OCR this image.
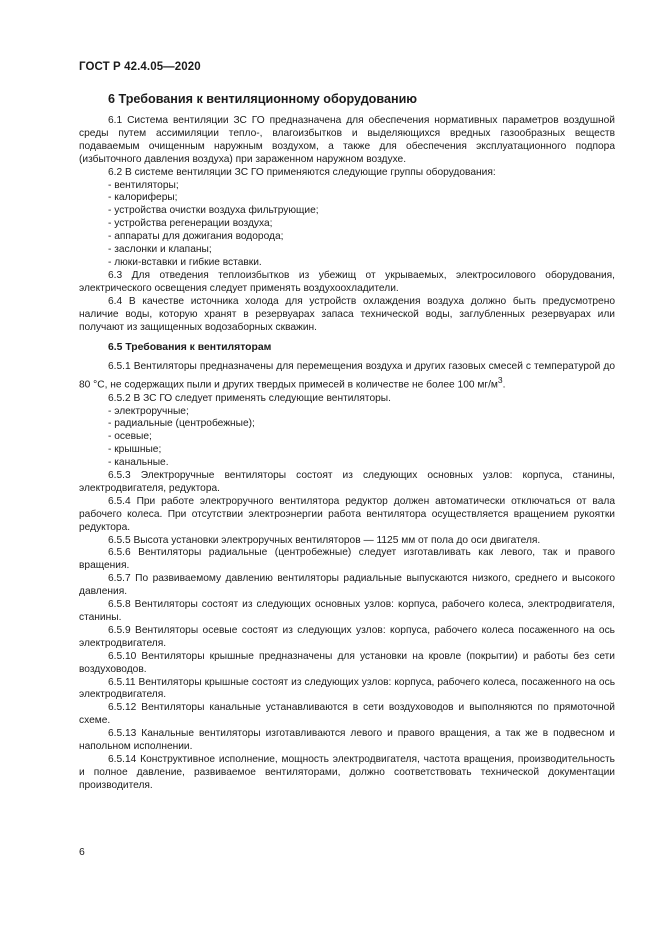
ГОСТ Р 42.4.05—2020
6 Требования к вентиляционному оборудованию

6.1 Система вентиляции ЗС ГО предназначена для обеспечения нормативных параметров воздушной среды путем ассимиляции тепло-, влагоизбытков и выделяющихся вредных газообразных веществ подаваемым очищенным наружным воздухом, а также для обеспечения эксплуатационного подпора (избыточного давления воздуха) при зараженном наружном воздухе.

6.2 В системе вентиляции ЗС ГО применяются следующие группы оборудования:

- вентиляторы;
- калориферы;
- устройства очистки воздуха фильтрующие;
- устройства регенерации воздуха;
- аппараты для дожигания водорода;
- заслонки и клапаны;
- люки-вставки и гибкие вставки.

6.3 Для отведения теплоизбытков из убежищ от укрываемых, электросилового оборудования, электрического освещения следует применять воздухоохладители.

6.4 В качестве источника холода для устройств охлаждения воздуха должно быть предусмотрено наличие воды, которую хранят в резервуарах запаса технической воды, заглубленных резервуарах или получают из защищенных водозаборных скважин.

6.5 Требования к вентиляторам

6.5.1 Вентиляторы предназначены для перемещения воздуха и других газовых смесей с температурой до 80 °С, не содержащих пыли и других твердых примесей в количестве не более 100 $мг/м^3$.

6.5.2 В ЗС ГО следует применять следующие вентиляторы.

- электроручные;
- радиальные (центробежные);
- осевые;
- крышные;
- канальные.

6.5.3 Электроручные вентиляторы состоят из следующих основных узлов: корпуса, станины, электродвигателя, редуктора.

6.5.4 При работе электроручного вентилятора редуктор должен автоматически отключаться от вала рабочего колеса. При отсутствии электроэнергии работа вентилятора осуществляется вращением рукоятки редуктора.

6.5.5 Высота установки электроручных вентиляторов — 1125 мм от пола до оси двигателя.

6.5.6 Вентиляторы радиальные (центробежные) следует изготавливать как левого, так и правого вращения.

6.5.7 По развиваемому давлению вентиляторы радиальные выпускаются низкого, среднего и высокого давления.

6.5.8 Вентиляторы состоят из следующих основных узлов: корпуса, рабочего колеса, электродвигателя, станины.

6.5.9 Вентиляторы осевые состоят из следующих узлов: корпуса, рабочего колеса посаженного на ось электродвигателя.

6.5.10 Вентиляторы крышные предназначены для установки на кровле (покрытии) и работы без сети воздуховодов.

6.5.11 Вентиляторы крышные состоят из следующих узлов: корпуса, рабочего колеса, посаженного на ось электродвигателя.

6.5.12 Вентиляторы канальные устанавливаются в сети воздуховодов и выполняются по прямоточной схеме.

6.5.13 Канальные вентиляторы изготавливаются левого и правого вращения, а так же в подвесном и напольном исполнении.

6.5.14 Конструктивное исполнение, мощность электродвигателя, частота вращения, производительность и полное давление, развиваемое вентиляторами, должно соответствовать технической документации производителя.

6
